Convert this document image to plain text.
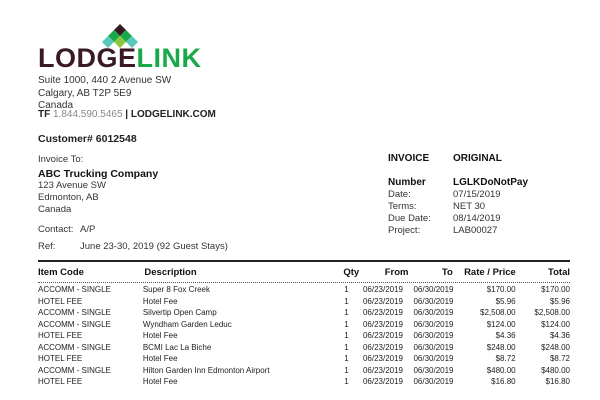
LODGELINK
Suite 1000, 440 2 Avenue SW
Calgary, AB T2P 5E9
Canada
TF 1.844.590.5465 | LODGELINK.COM
Customer# 6012548
Invoice To:
ABC Trucking Company
123 Avenue SW
Edmonton, AB
Canada
Contact: A/P
Ref:	June 23-30, 2019 (92 Guest Stays)
INVOICE	ORIGINAL
Number	LGLKDoNotPay
Date:	07/15/2019
Terms:	NET 30
Due Date:	08/14/2019
Project:	LAB00027
Item Code	Description	Qty	From	To	Rate / Price	Total
ACCOMM - SINGLE	Super 8 Fox Creek	1	06/23/2019	06/30/2019	$170.00	$170.00
HOTEL FEE	Hotel Fee	1	06/23/2019	06/30/2019	$5.96	$5.96
ACCOMM - SINGLE	Silvertip Open Camp	1	06/23/2019	06/30/2019	$2,508.00	$2,508.00
ACCOMM - SINGLE	Wyndham Garden Leduc	1	06/23/2019	06/30/2019	$124.00	$124.00
HOTEL FEE	Hotel Fee	1	06/23/2019	06/30/2019	$4.36	$4.36
ACCOMM - SINGLE	BCMI Lac La Biche	1	06/23/2019	06/30/2019	$248.00	$248.00
HOTEL FEE	Hotel Fee	1	06/23/2019	06/30/2019	$8.72	$8.72
ACCOMM - SINGLE	Hilton Garden Inn Edmonton Airport	1	06/23/2019	06/30/2019	$480.00	$480.00
HOTEL FEE	Hotel Fee	1	06/23/2019	06/30/2019	$16.80	$16.80
